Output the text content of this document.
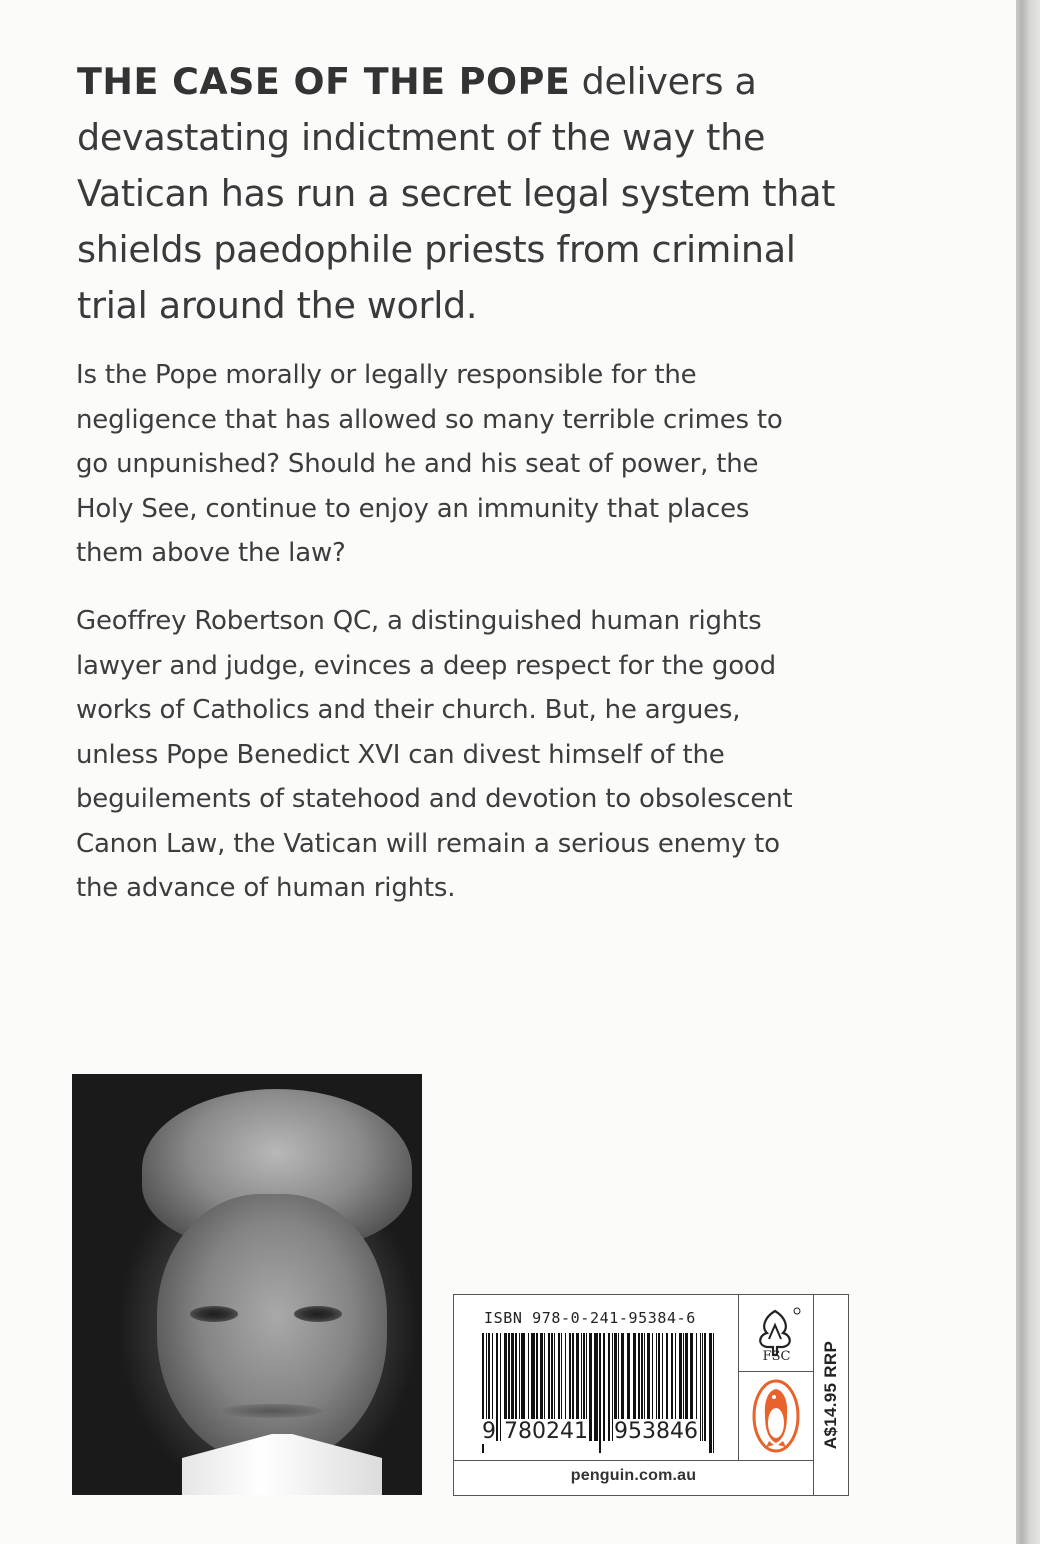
THE CASE OF THE POPE delivers a devastating indictment of the way the Vatican has run a secret legal system that shields paedophile priests from criminal trial around the world.

Is the Pope morally or legally responsible for the negligence that has allowed so many terrible crimes to go unpunished? Should he and his seat of power, the Holy See, continue to enjoy an immunity that places them above the law?

Geoffrey Robertson QC, a distinguished human rights lawyer and judge, evinces a deep respect for the good works of Catholics and their church. But, he argues, unless Pope Benedict XVI can divest himself of the beguilements of statehood and devotion to obsolescent Canon Law, the Vatican will remain a serious enemy to the advance of human rights.

ISBN 978-0-241-95384-6
9 780241 953846
FSC	A$14.95 RRP
penguin.com.au
